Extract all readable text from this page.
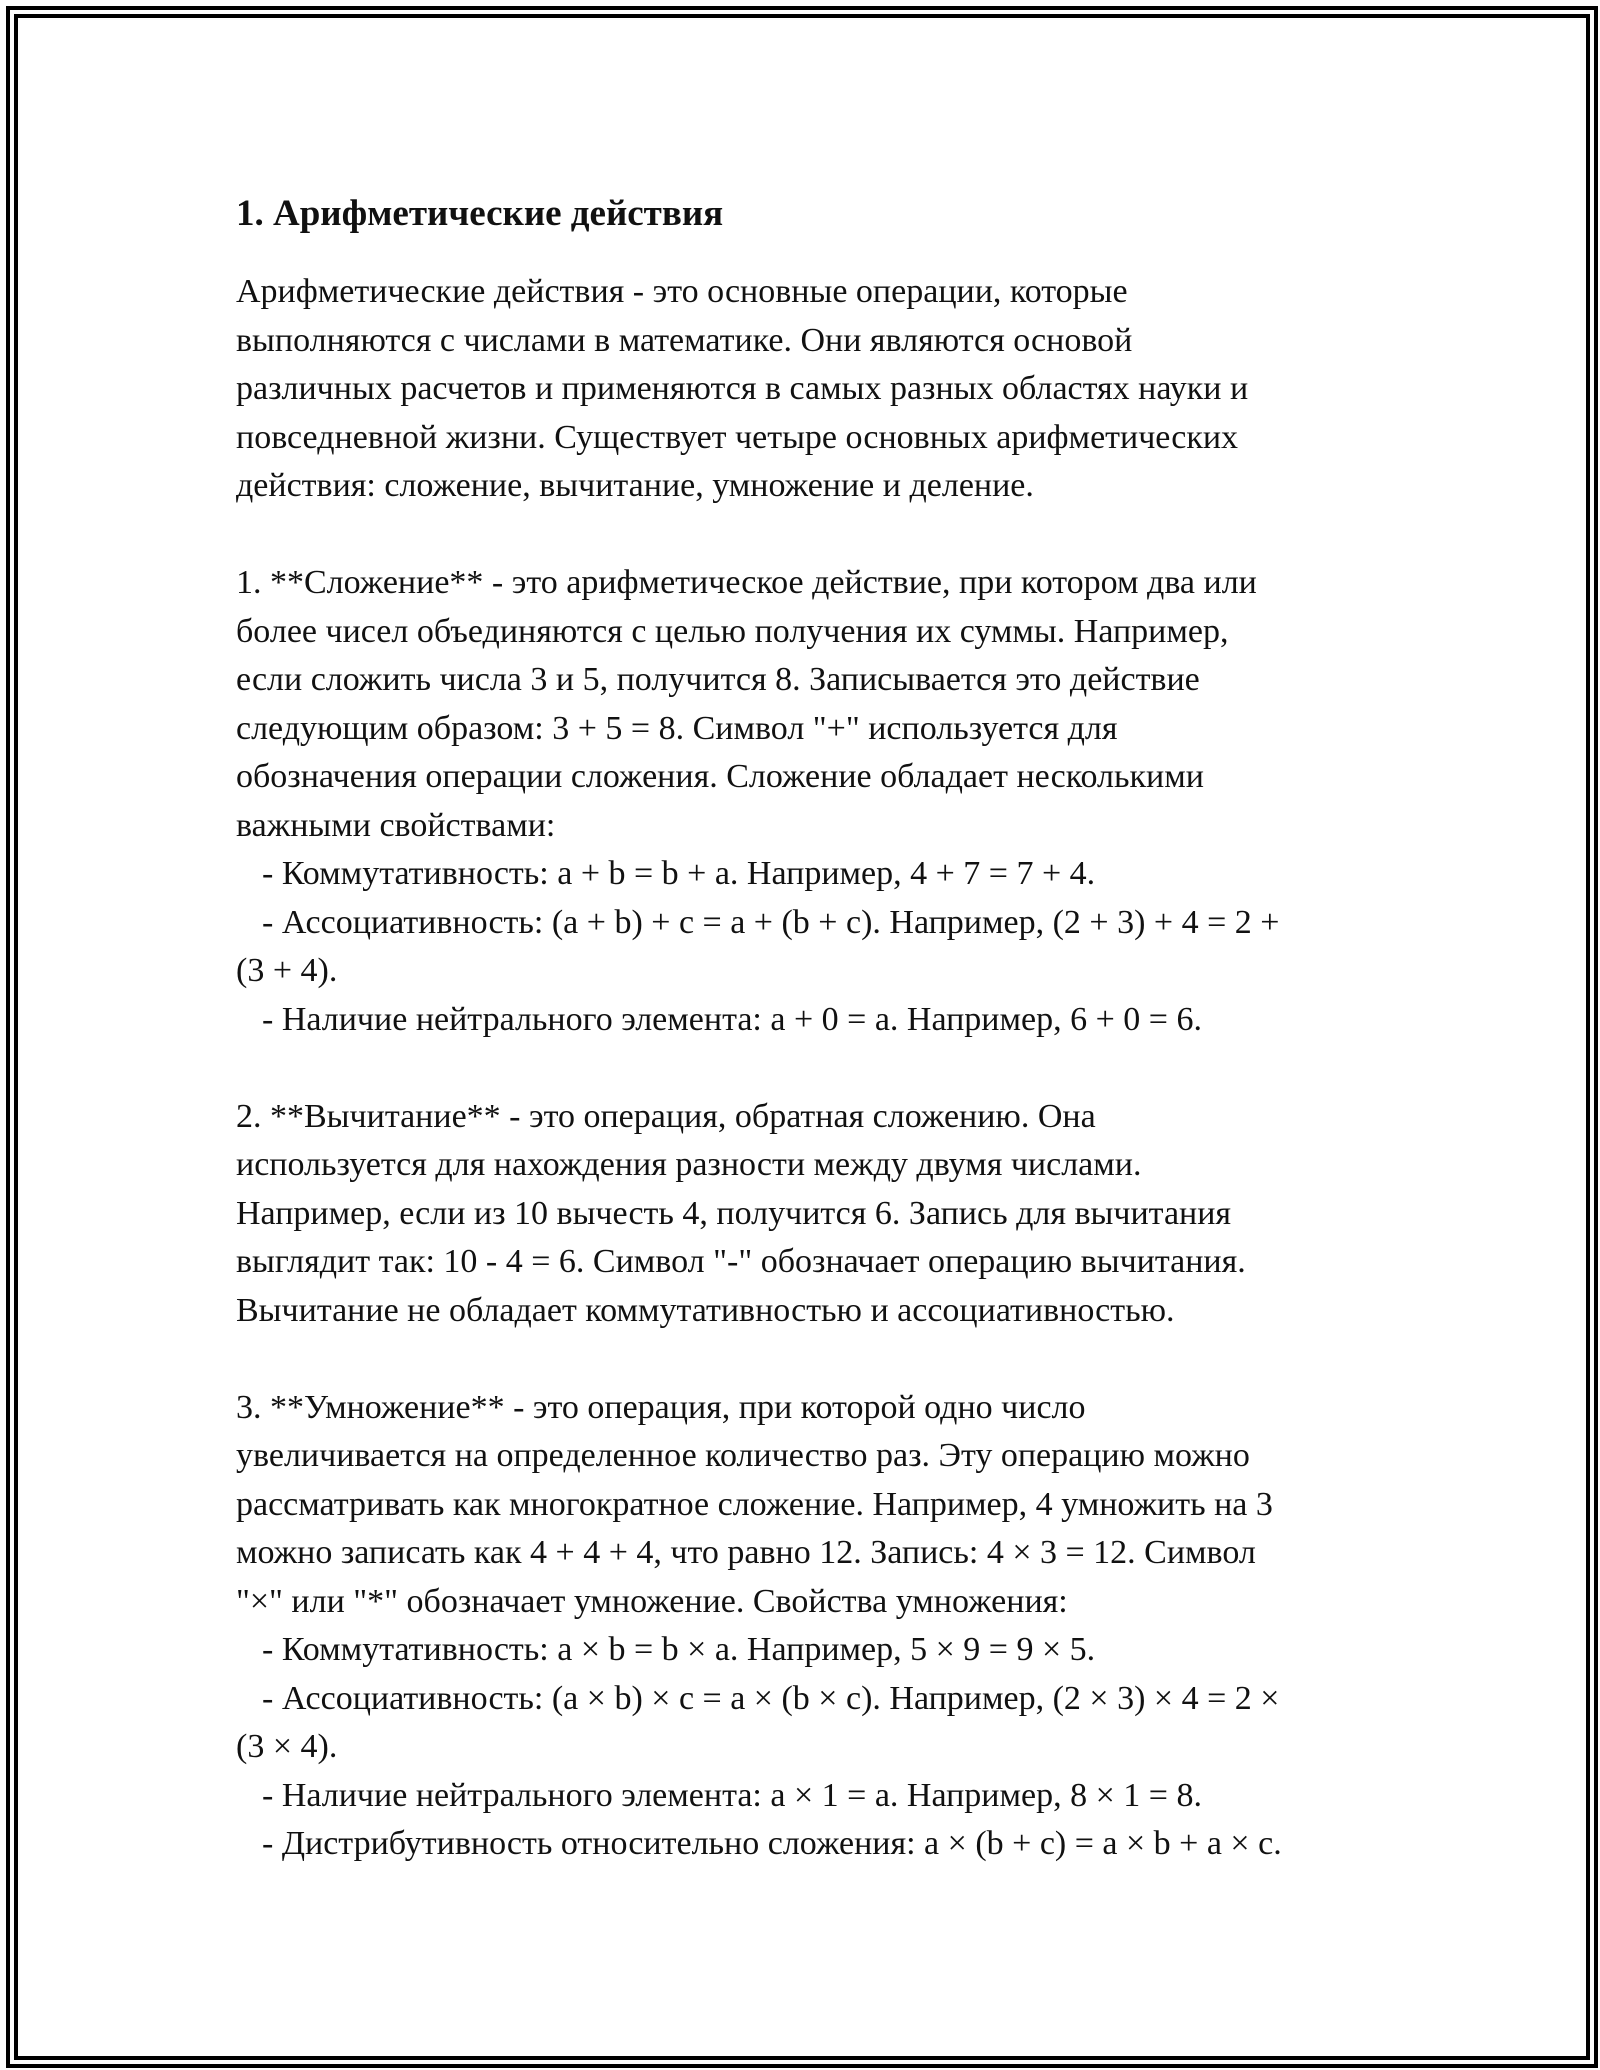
1. Арифметические действия
Арифметические действия - это основные операции, которые
выполняются с числами в математике. Они являются основой
различных расчетов и применяются в самых разных областях науки и
повседневной жизни. Существует четыре основных арифметических
действия: сложение, вычитание, умножение и деление.
1. **Сложение** - это арифметическое действие, при котором два или
более чисел объединяются с целью получения их суммы. Например,
если сложить числа 3 и 5, получится 8. Записывается это действие
следующим образом: 3 + 5 = 8. Символ "+" используется для
обозначения операции сложения. Сложение обладает несколькими
важными свойствами:
- Коммутативность: a + b = b + a. Например, 4 + 7 = 7 + 4.
- Ассоциативность: (a + b) + c = a + (b + c). Например, (2 + 3) + 4 = 2 +
(3 + 4).
- Наличие нейтрального элемента: a + 0 = a. Например, 6 + 0 = 6.
2. **Вычитание** - это операция, обратная сложению. Она
используется для нахождения разности между двумя числами.
Например, если из 10 вычесть 4, получится 6. Запись для вычитания
выглядит так: 10 - 4 = 6. Символ "-" обозначает операцию вычитания.
Вычитание не обладает коммутативностью и ассоциативностью.
3. **Умножение** - это операция, при которой одно число
увеличивается на определенное количество раз. Эту операцию можно
рассматривать как многократное сложение. Например, 4 умножить на 3
можно записать как 4 + 4 + 4, что равно 12. Запись: 4 × 3 = 12. Символ
"×" или "*" обозначает умножение. Свойства умножения:
- Коммутативность: a × b = b × a. Например, 5 × 9 = 9 × 5.
- Ассоциативность: (a × b) × c = a × (b × c). Например, (2 × 3) × 4 = 2 ×
(3 × 4).
- Наличие нейтрального элемента: a × 1 = a. Например, 8 × 1 = 8.
- Дистрибутивность относительно сложения: a × (b + c) = a × b + a × c.
